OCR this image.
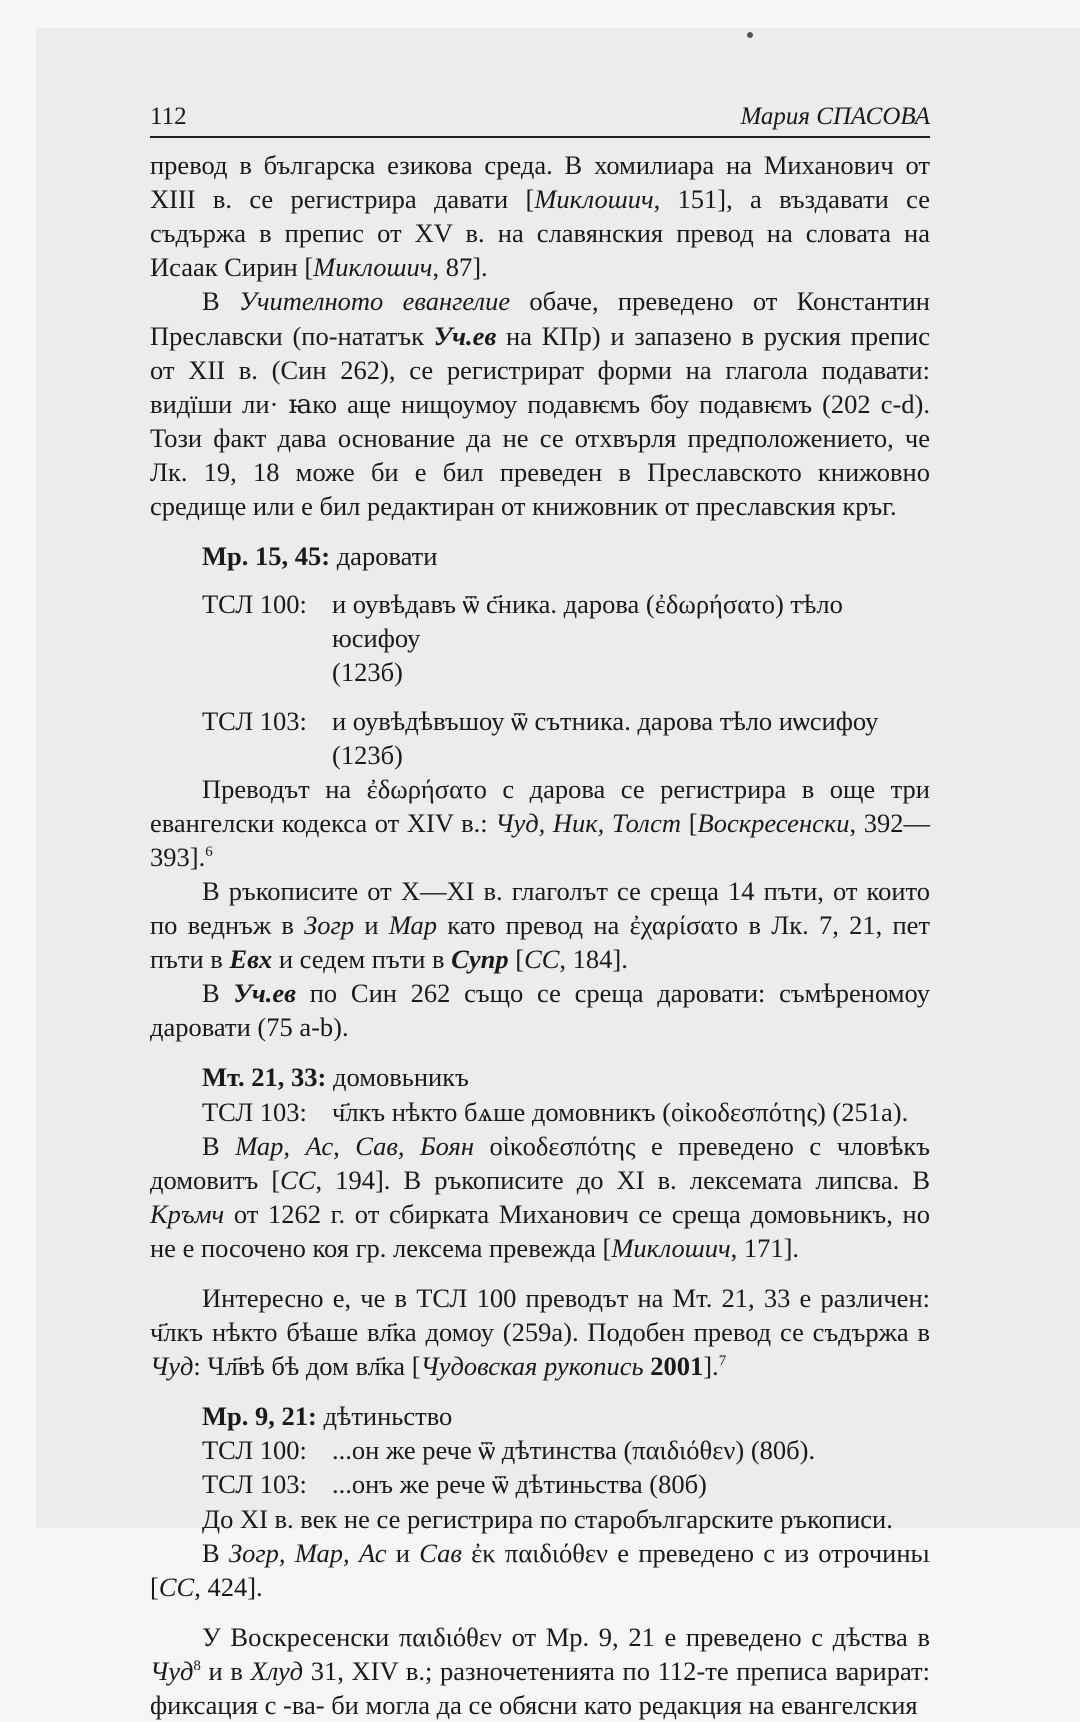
112	Мария СПАСОВА

превод в българска езикова среда. В хомилиара на Миханович от XIII в. се регистрира давати [Миклошич, 151], а въздавати се съдържа в препис от XV в. на славянския превод на словата на Исаак Сирин [Миклошич, 87].

В Учителното евангелие обаче, преведено от Константин Преславски (по-нататък Уч.ев на КПр) и запазено в руския препис от XII в. (Син 262), се регистрират форми на глагола подавати: видїши ли· ꙗко аще нищоумоу подавѥмъ б҃оу подавѥмъ (202 c-d). Този факт дава основание да не се отхвърля предположението, че Лк. 19, 18 може би е бил преведен в Преславското книжовно средище или е бил редактиран от книжовник от преславския кръг.

Мр. 15, 45: даровати
ТСЛ 100: и оувѣдавъ ѿ с҃ника. дарова (ἐδωρήσατο) тѣло юсифоу
(123б)
ТСЛ 103: и оувѣдѣвъшоу ѿ сътника. дарова тѣло иѡсифоу (123б)

Преводът на ἐδωρήσατο с дарова се регистрира в още три евангелски кодекса от XIV в.: Чуд, Ник, Толст [Воскресенски, 392—393].$^6$

В ръкописите от X—XI в. глаголът се среща 14 пъти, от които по веднъж в Зогр и Мар като превод на ἐχαρίσατο в Лк. 7, 21, пет пъти в Евх и седем пъти в Супр [СС, 184].

В Уч.ев по Син 262 също се среща даровати: съмѣреномоу даровати (75 a-b).

Мт. 21, 33: домовьникъ
ТСЛ 103: ч҃лкъ нѣкто бѧше домовникъ (οἰκοδεσπότης) (251а).

В Мар, Ас, Сав, Боян οἰκοδεσπότης е преведено с чловѣкъ домовитъ [СС, 194]. В ръкописите до XI в. лексемата липсва. В Кръмч от 1262 г. от сбирката Миханович се среща домовьникъ, но не е посочено коя гр. лексема превежда [Миклошич, 171].

Интересно е, че в ТСЛ 100 преводът на Мт. 21, 33 е различен: ч҃лкъ нѣкто бѣаше вл҃ка домоу (259а). Подобен превод се съдържа в Чуд: Чл҃вѣ бѣ дом вл҃ка [Чудовская рукопись 2001].$^7$

Мр. 9, 21: дѣтиньство
ТСЛ 100: ...он же рече ѿ дѣтинства (παιδιόθεν) (80б).
ТСЛ 103: ...онъ же рече ѿ дѣтиньства (80б)

До XI в. век не се регистрира по старобългарските ръкописи.

В Зогр, Мар, Ас и Сав ἐκ παιδιόθεν е преведено с из отрочиньı [СС, 424].

У Воскресенски παιδιόθεν от Мр. 9, 21 е преведено с дѣства в Чуд$^8$ и в Хлуд 31, XIV в.; разночетенията по 112-те преписа варират: фиксация с -ва- би могла да се обясни като редакция на евангелския
